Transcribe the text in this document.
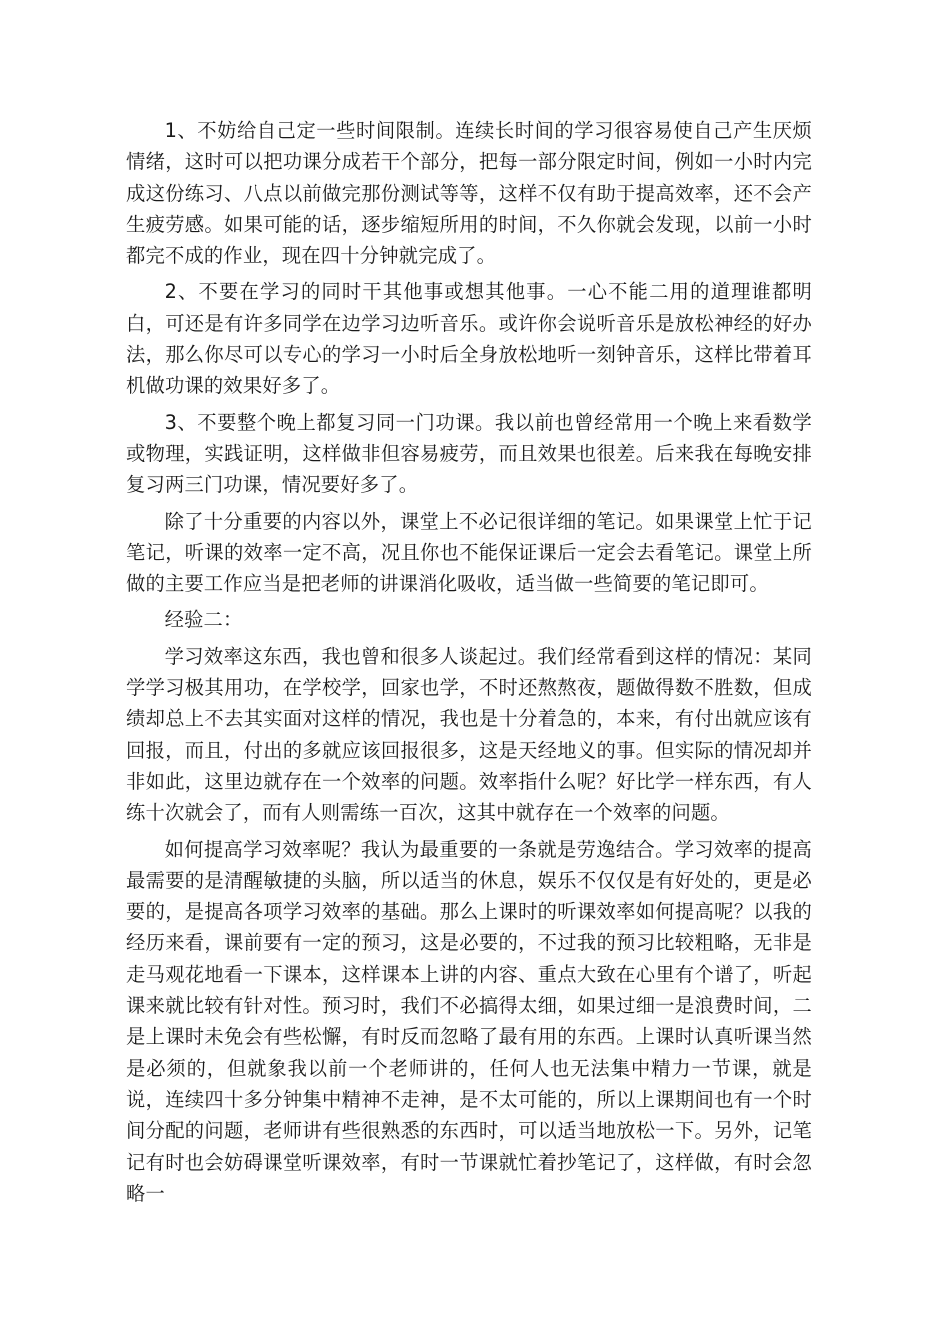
1、不妨给自己定一些时间限制。连续长时间的学习很容易使自己产生厌烦情绪，这时可以把功课分成若干个部分，把每一部分限定时间，例如一小时内完成这份练习、八点以前做完那份测试等等，这样不仅有助于提高效率，还不会产生疲劳感。如果可能的话，逐步缩短所用的时间，不久你就会发现，以前一小时都完不成的作业，现在四十分钟就完成了。

2、不要在学习的同时干其他事或想其他事。一心不能二用的道理谁都明白，可还是有许多同学在边学习边听音乐。或许你会说听音乐是放松神经的好办法，那么你尽可以专心的学习一小时后全身放松地听一刻钟音乐，这样比带着耳机做功课的效果好多了。

3、不要整个晚上都复习同一门功课。我以前也曾经常用一个晚上来看数学或物理，实践证明，这样做非但容易疲劳，而且效果也很差。后来我在每晚安排复习两三门功课，情况要好多了。

除了十分重要的内容以外，课堂上不必记很详细的笔记。如果课堂上忙于记笔记，听课的效率一定不高，况且你也不能保证课后一定会去看笔记。课堂上所做的主要工作应当是把老师的讲课消化吸收，适当做一些简要的笔记即可。

经验二：

学习效率这东西，我也曾和很多人谈起过。我们经常看到这样的情况：某同学学习极其用功，在学校学，回家也学，不时还熬熬夜，题做得数不胜数，但成绩却总上不去其实面对这样的情况，我也是十分着急的，本来，有付出就应该有回报，而且，付出的多就应该回报很多，这是天经地义的事。但实际的情况却并非如此，这里边就存在一个效率的问题。效率指什么呢？好比学一样东西，有人练十次就会了，而有人则需练一百次，这其中就存在一个效率的问题。

如何提高学习效率呢？我认为最重要的一条就是劳逸结合。学习效率的提高最需要的是清醒敏捷的头脑，所以适当的休息，娱乐不仅仅是有好处的，更是必要的，是提高各项学习效率的基础。那么上课时的听课效率如何提高呢？以我的经历来看，课前要有一定的预习，这是必要的，不过我的预习比较粗略，无非是走马观花地看一下课本，这样课本上讲的内容、重点大致在心里有个谱了，听起课来就比较有针对性。预习时，我们不必搞得太细，如果过细一是浪费时间，二是上课时未免会有些松懈，有时反而忽略了最有用的东西。上课时认真听课当然是必须的，但就象我以前一个老师讲的，任何人也无法集中精力一节课，就是说，连续四十多分钟集中精神不走神，是不太可能的，所以上课期间也有一个时间分配的问题，老师讲有些很熟悉的东西时，可以适当地放松一下。另外，记笔记有时也会妨碍课堂听课效率，有时一节课就忙着抄笔记了，这样做，有时会忽略一
